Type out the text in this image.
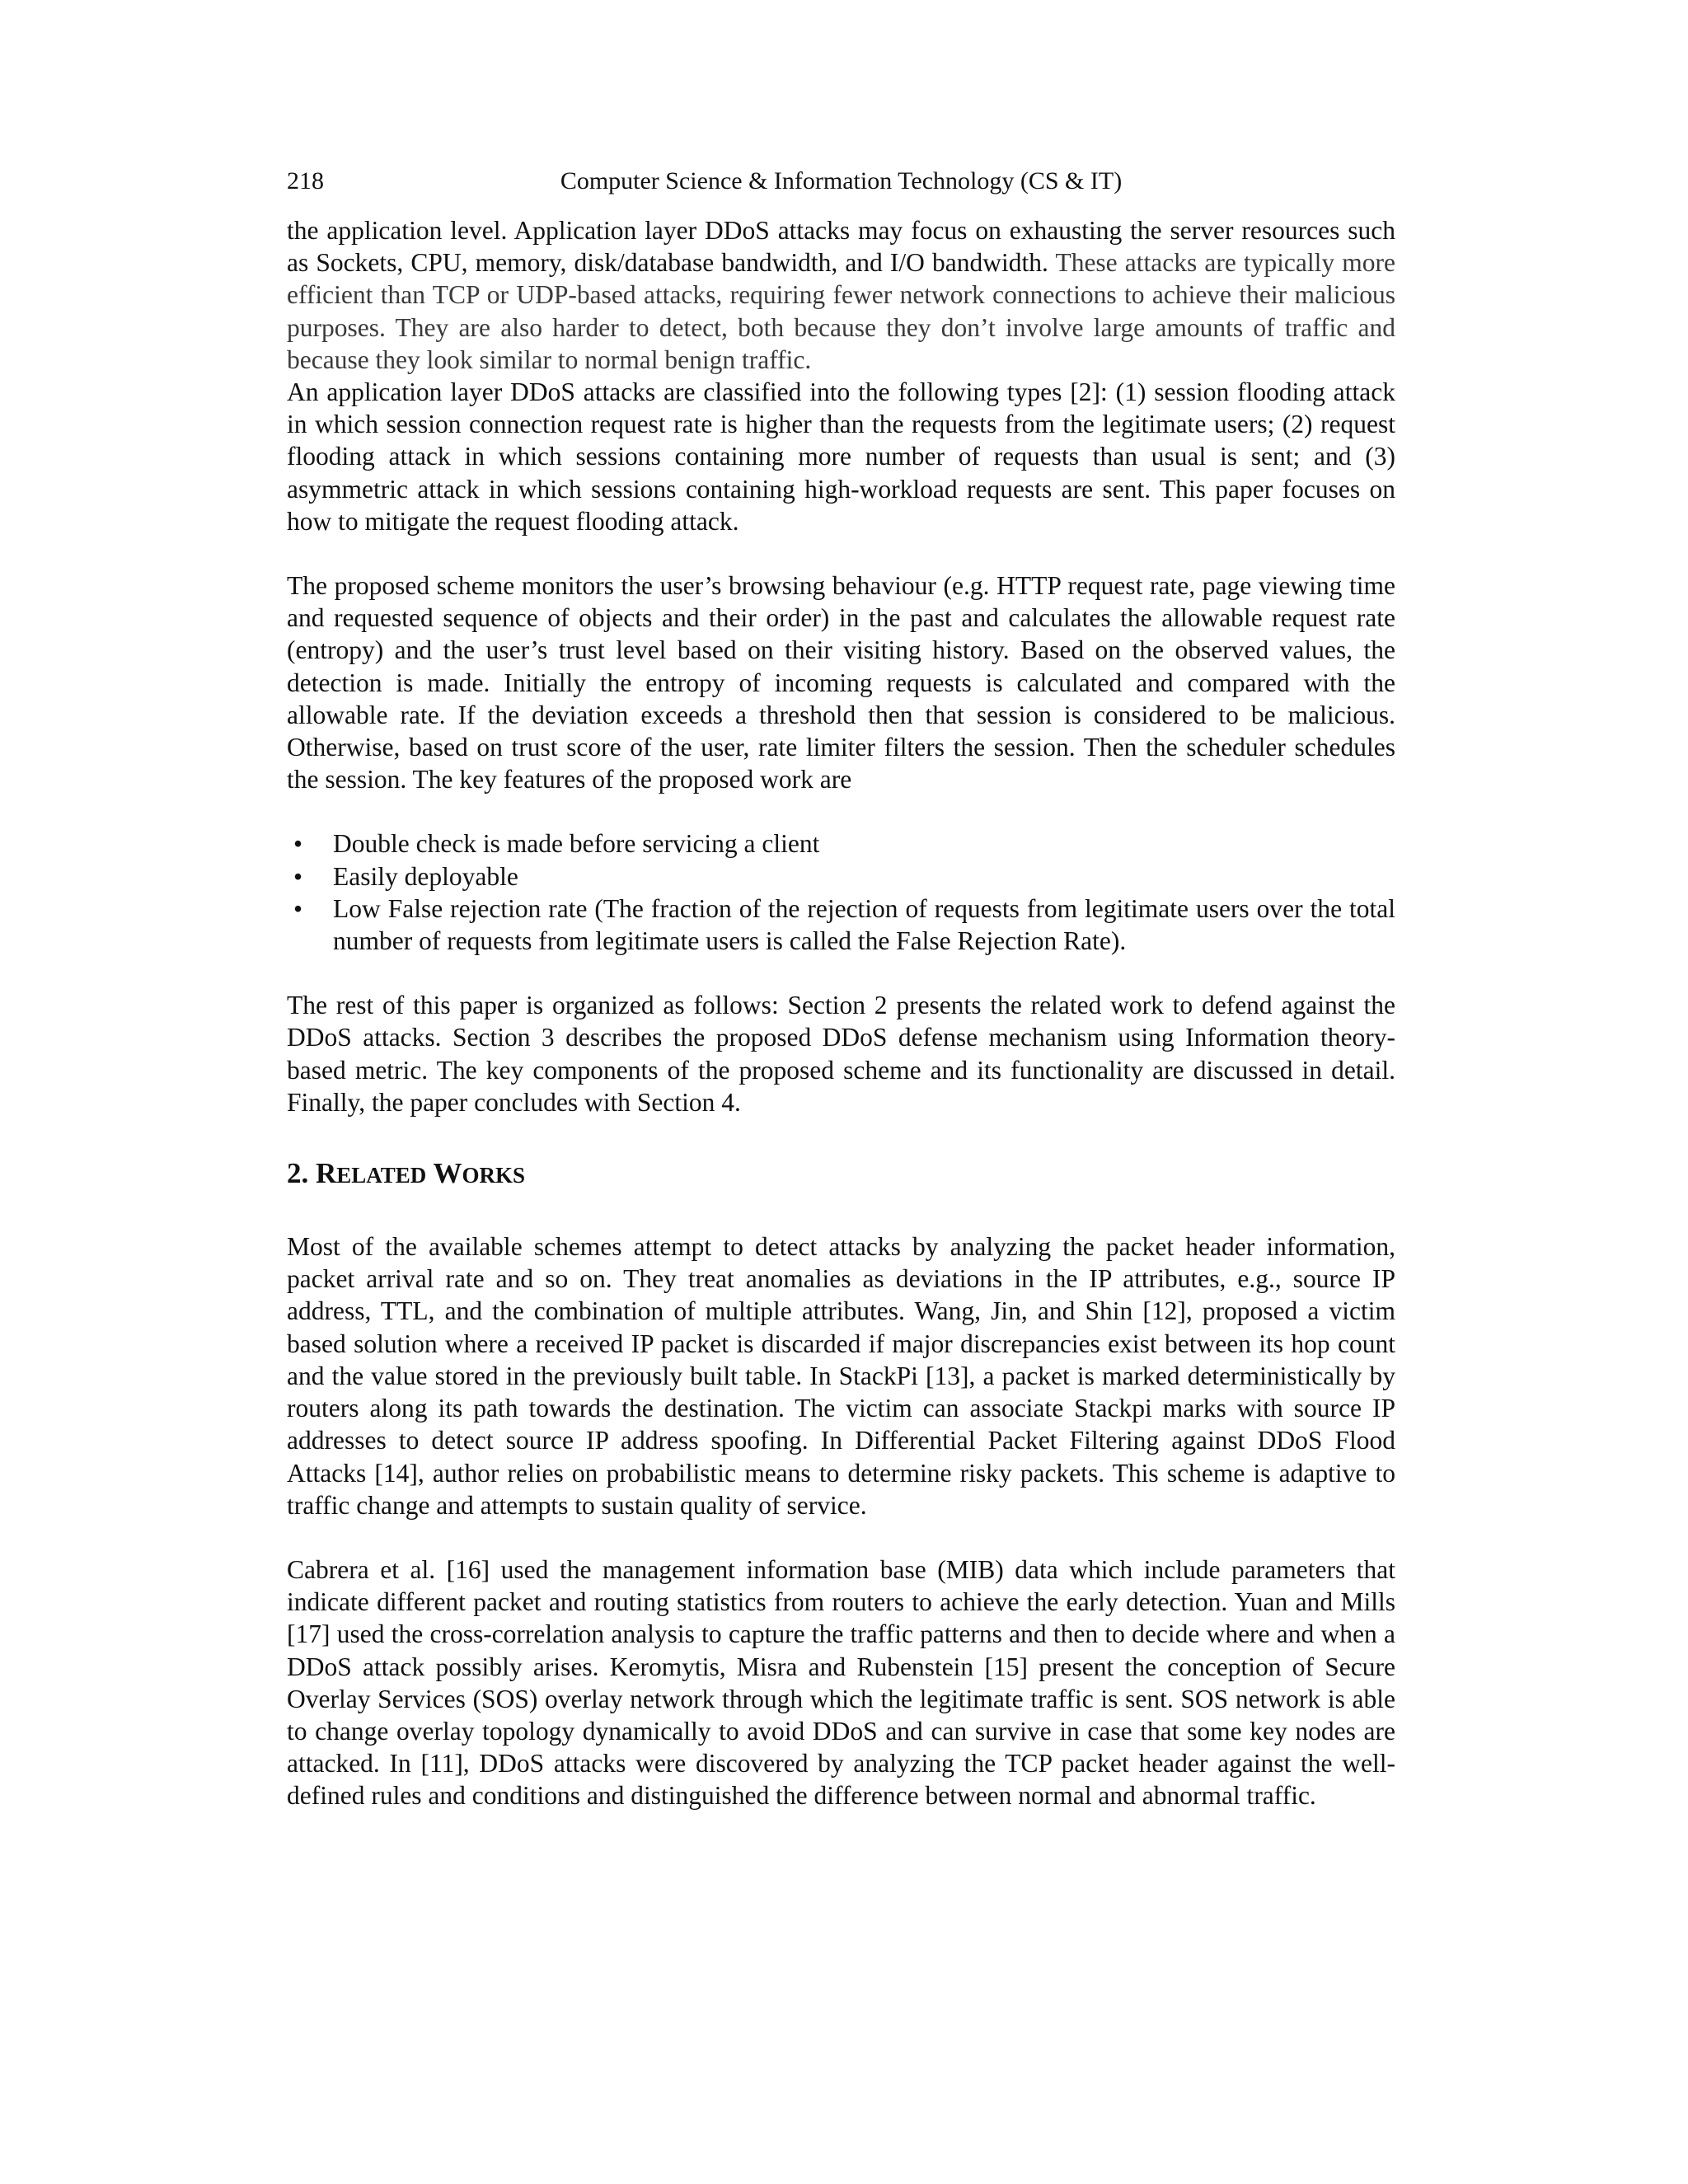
218	Computer Science & Information Technology (CS & IT)

the application level. Application layer DDoS attacks may focus on exhausting the server resources such as Sockets, CPU, memory, disk/database bandwidth, and I/O bandwidth. These attacks are typically more efficient than TCP or UDP-based attacks, requiring fewer network connections to achieve their malicious purposes. They are also harder to detect, both because they don’t involve large amounts of traffic and because they look similar to normal benign traffic.

An application layer DDoS attacks are classified into the following types [2]: (1) session flooding attack in which session connection request rate is higher than the requests from the legitimate users; (2) request flooding attack in which sessions containing more number of requests than usual is sent; and (3) asymmetric attack in which sessions containing high-workload requests are sent. This paper focuses on how to mitigate the request flooding attack.

The proposed scheme monitors the user’s browsing behaviour (e.g. HTTP request rate, page viewing time and requested sequence of objects and their order) in the past and calculates the allowable request rate (entropy) and the user’s trust level based on their visiting history. Based on the observed values, the detection is made. Initially the entropy of incoming requests is calculated and compared with the allowable rate. If the deviation exceeds a threshold then that session is considered to be malicious. Otherwise, based on trust score of the user, rate limiter filters the session. Then the scheduler schedules the session. The key features of the proposed work are

• Double check is made before servicing a client
• Easily deployable
• Low False rejection rate (The fraction of the rejection of requests from legitimate users over the total number of requests from legitimate users is called the False Rejection Rate).

The rest of this paper is organized as follows: Section 2 presents the related work to defend against the DDoS attacks. Section 3 describes the proposed DDoS defense mechanism using Information theory-based metric. The key components of the proposed scheme and its functionality are discussed in detail. Finally, the paper concludes with Section 4.

2. RELATED WORKS

Most of the available schemes attempt to detect attacks by analyzing the packet header information, packet arrival rate and so on. They treat anomalies as deviations in the IP attributes, e.g., source IP address, TTL, and the combination of multiple attributes. Wang, Jin, and Shin [12], proposed a victim based solution where a received IP packet is discarded if major discrepancies exist between its hop count and the value stored in the previously built table. In StackPi [13], a packet is marked deterministically by routers along its path towards the destination. The victim can associate Stackpi marks with source IP addresses to detect source IP address spoofing. In Differential Packet Filtering against DDoS Flood Attacks [14], author relies on probabilistic means to determine risky packets. This scheme is adaptive to traffic change and attempts to sustain quality of service.

Cabrera et al. [16] used the management information base (MIB) data which include parameters that indicate different packet and routing statistics from routers to achieve the early detection. Yuan and Mills [17] used the cross-correlation analysis to capture the traffic patterns and then to decide where and when a DDoS attack possibly arises. Keromytis, Misra and Rubenstein [15] present the conception of Secure Overlay Services (SOS) overlay network through which the legitimate traffic is sent. SOS network is able to change overlay topology dynamically to avoid DDoS and can survive in case that some key nodes are attacked. In [11], DDoS attacks were discovered by analyzing the TCP packet header against the well-defined rules and conditions and distinguished the difference between normal and abnormal traffic.
